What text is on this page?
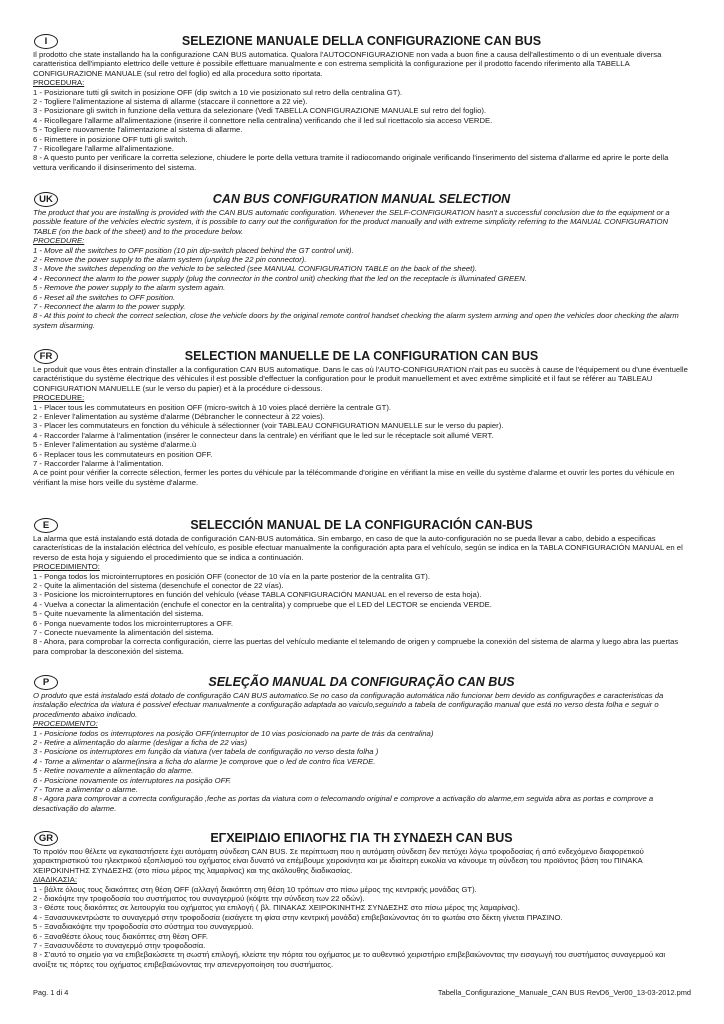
I	SELEZIONE MANUALE DELLA CONFIGURAZIONE CAN BUS

Il prodotto che state installando ha la configurazione CAN BUS automatica. Qualora l'AUTOCONFIGURAZIONE non vada a buon fine a causa dell'allestimento o di un eventuale diversa caratteristica dell'impianto elettrico delle vetture è possibile effettuare manualmente e con estrema semplicità la configurazione per il prodotto facendo riferimento alla TABELLA CONFIGURAZIONE MANUALE (sul retro del foglio) ed alla procedura sotto riportata.

PROCEDURA:

1 - Posizionare tutti gli switch in posizione OFF (dip switch a 10 vie posizionato sul retro della centralina GT).

2 - Togliere l'alimentazione al sistema di allarme (staccare il connettore a 22 vie).

3 - Posizionare gli switch in funzione della vettura da selezionare (Vedi TABELLA CONFIGURAZIONE MANUALE sul retro del foglio).

4 - Ricollegare l'allarme all'alimentazione (inserire il connettore nella centralina) verificando che il led sul ricettacolo sia acceso VERDE.

5 - Togliere nuovamente l'alimentazione al sistema di allarme.

6 - Rimettere in posizione OFF tutti gli switch.

7 - Ricollegare l'allarme all'alimentazione.

8 - A questo punto per verificare la corretta selezione, chiudere le porte della vettura tramite il radiocomando originale verificando l'inserimento del sistema d'allarme ed aprire le porte della vettura verificando il disinserimento del sistema.

UK	CAN BUS CONFIGURATION MANUAL SELECTION

The product that you are installing is provided with the CAN BUS automatic configuration. Whenever the SELF-CONFIGURATION hasn't a successful conclusion due to the equipment or a possible feature of the vehicles electric system, it is possible to carry out the configuration for the product manually and with extreme simplicity referring to the MANUAL CONFIGURATION TABLE (on the back of the sheet) and to the procedure below.

PROCEDURE:

1 - Move all the switches to OFF position (10 pin dip-switch placed behind the GT control unit).

2 - Remove the power supply to the alarm system (unplug the 22 pin connector).

3 - Move the switches depending on the vehicle to be selected (see MANUAL CONFIGURATION TABLE on the back of the sheet).

4 - Reconnect the alarm to the power supply (plug the connector in the control unit) checking that the led on the receptacle is illuminated GREEN.

5 - Remove the power supply to the alarm system again.

6 - Reset all the switches to OFF position.

7 - Reconnect the alarm to the power supply.

8 - At this point to check the correct selection, close the vehicle doors by the original remote control handset checking the alarm system arming and open the vehicles door checking the alarm system disarming.

FR	SELECTION MANUELLE DE LA CONFIGURATION CAN BUS

Le produit que vous êtes entrain d'installer a la configuration CAN BUS automatique. Dans le cas où l'AUTO-CONFIGURATION n'ait pas eu succès à cause de l'équipement ou d'une éventuelle caractéristique du système électrique des véhicules il est possible d'effectuer la configuration pour le produit manuellement et avec extrême simplicité et il faut se référer au TABLEAU CONFIGURATION MANUELLE (sur le verso du papier) et à la procédure ci-dessous.

PROCEDURE:

1 - Placer tous les commutateurs en position OFF (micro-switch à 10 voies placé derrière la centrale GT).

2 - Enlever l'alimentation au système d'alarme (Débrancher le connecteur à 22 voies).

3 - Placer les commutateurs en fonction du véhicule à sélectionner (voir TABLEAU CONFIGURATION MANUELLE sur le verso du papier).

4 - Raccorder l'alarme à l'alimentation (insérer le connecteur dans la centrale) en vérifiant que le led sur le réceptacle soit allumé VERT.

5 - Enlever l'alimentation au système d'alarme.ù

6 - Replacer tous les commutateurs en position OFF.

7 - Raccorder l'alarme à l'alimentation.

A ce point pour vérifier la correcte sélection, fermer les portes du véhicule par la télécommande d'origine en vérifiant la mise en veille du système d'alarme et ouvrir les portes du véhicule en vérifiant la mise hors veille du système d'alarme.

E	SELECCIÓN MANUAL DE LA CONFIGURACIÓN CAN-BUS

La alarma que está instalando está dotada de configuración CAN-BUS automática. Sin embargo, en caso de que la auto-configuración no se pueda llevar a cabo, debido a especificas características de la instalación eléctrica del vehículo, es posible efectuar manualmente la configuración apta para el vehículo, según se indica en la TABLA CONFIGURACIÓN MANUAL en el reverso de esta hoja y siguiendo el procedimiento que se indica a continuación.

PROCEDIMIENTO:

1 - Ponga todos los microinterruptores en posición OFF (conector de 10 vía en la parte posterior de la centralita GT).

2 - Quite la alimentación del sistema (desenchufe el conector de 22 vías).

3 - Posicione los microinterruptores en función del vehículo (véase TABLA CONFIGURACIÓN MANUAL en el reverso de esta hoja).

4 - Vuelva a conectar la alimentación (enchufe el conector en la centralita) y compruebe que el LED del LECTOR se encienda VERDE.

5 - Quite nuevamente la alimentación del sistema.

6 - Ponga nuevamente todos los microinterruptores a OFF.

7 - Conecte nuevamente la alimentación del sistema.

8 - Ahora, para comprobar la correcta configuración, cierre las puertas del vehículo mediante el telemando de origen y compruebe la conexión del sistema de alarma y luego abra las puertas para comprobar la desconexión del sistema.

P	SELEÇÃO MANUAL DA CONFIGURAÇÃO CAN BUS

O produto que está instalado está dotado de configuração CAN BUS automatico.Se no caso da configuração automática não funcionar bem devido as configurações e caracteristicas da instalação electrica da viatura é possivel efectuar manualmente a configuração adaptada ao vaiculo,seguindo a tabela de configuração manual que está no verso desta folha e seguir o procedimento abaixo indicado.

PROCEDIMENTO:

1 - Posicione todos os interruptores na posição OFF(interruptor de 10 vias posicionado na parte de trás da centralina)

2 - Retire a alimentação do alarme (desligar a ficha de 22 vias)

3 - Posicione os interruptores em função da viatura (ver tabela de configuração no verso desta folha )

4 - Torne a alimentar o alarme(insira a ficha do alarme )e comprove que o led de contro fica VERDE.

5 - Retire novamente a alimentação do alarme.

6 - Posicione novamente os interruptores na posição OFF.

7 - Torne a alimentar o alarme.

8 - Agora para comprovar a correcta configuração ,feche as portas da viatura com o telecomando original e comprove a activação do alarme,em seguida abra as portas e comprove a desactivação do alarme.

GR	ΕΓΧΕΙΡΙΔΙΟ ΕΠΙΛΟΓΗΣ ΓΙΑ ΤΗ ΣΥΝΔΕΣΗ CAN BUS

Το προϊόν που θέλετε να εγκαταστήσετε έχει αυτόματη σύνδεση CAN BUS. Σε περίπτωση που η αυτόματη σύνδεση δεν πετύχει λόγω τροφοδοσίας ή από ενδεχόμενο διαφορετικού χαρακτηριστικού του ηλεκτρικού εξοπλισμού του οχήματος είναι δυνατό να επέμβουμε χειροκίνητα και με ιδιαίτερη ευκολία να κάνουμε τη σύνδεση του προϊόντος βάση του ΠΙΝΑΚΑ ΧΕΙΡΟΚΙΝΗΤΗΣ ΣΥΝΔΕΣΗΣ (στο πίσω μέρος της λαμαρίνας) και της ακόλουθης διαδικασίας.

ΔΙΑΔΙΚΑΣΙΑ:

1 - βάλτε όλους τους διακόπτες στη θέση OFF (αλλαγή διακόπτη στη θέση 10 τρόπων στο πίσω μέρος της κεντρικής μονάδας GT).

2 - διακόψτε την τροφοδοσία του συστήματος του συναγερμού (κόψτε την σύνδεση των 22 οδών).

3 - Θέστε τους διακόπτες σε λειτουργία του οχήματος για επιλογή ( βλ. ΠΙΝΑΚΑΣ ΧΕΙΡΟΚΙΝΗΤΗΣ ΣΥΝΔΕΣΗΣ στο πίσω μέρος της λαμαρίνας).

4 - Ξανασυνκεντρώστε το συναγερμό στην τροφοδοσία (εισάγετε τη φίσα στην κεντρική μονάδα) επιβεβαιώνοντας ότι το φωτάκι στο δέκτη γίνεται ΠΡΑΣΙΝΟ.

5 - Ξαναδιακόψτε την τροφοδοσία στο σύστημα του συναγερμού.

6 - Ξαναθέστε όλους τους διακόπτες στη θέση OFF.

7 - Ξανασυνδέστε το συναγερμό στην τροφοδοσία.

8 - Σ'αυτό το σημείο για να επιβεβαιώσετε τη σωστή επιλογή, κλείστε την πόρτα του οχήματος με το αυθεντικό χειριστήριο επιβεβαιώνοντας την εισαγωγή του συστήματος συναγερμού και ανοίξτε τις πόρτες του οχήματος επιβεβαιώνοντας την απενεργοποίηση του συστήματος.

Pag. 1 di 4	Tabella_Configurazione_Manuale_CAN BUS RevD6_Ver00_13-03-2012.pmd
